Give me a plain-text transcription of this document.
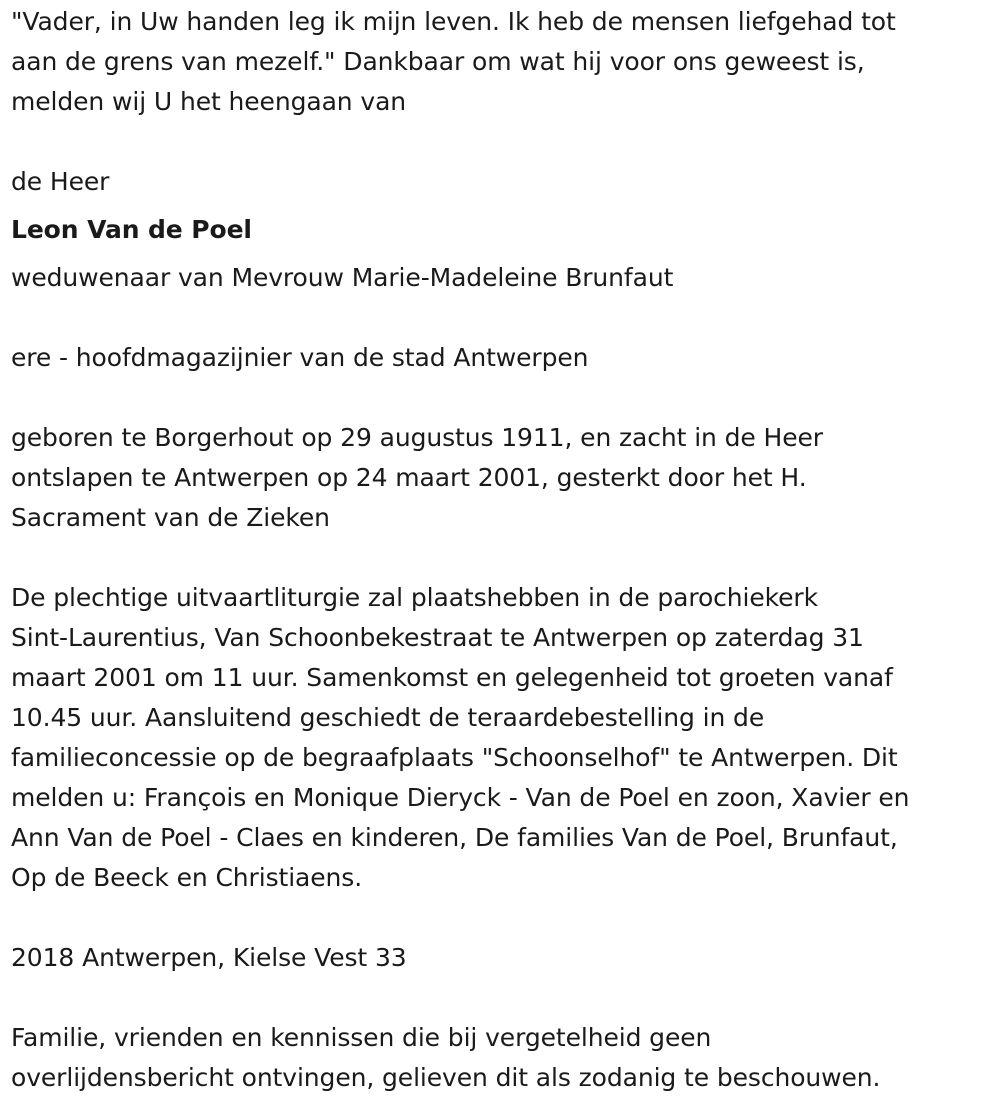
"Vader, in Uw handen leg ik mijn leven. Ik heb de mensen liefgehad tot
aan de grens van mezelf." Dankbaar om wat hij voor ons geweest is,
melden wij U het heengaan van

de Heer

Leon Van de Poel

weduwenaar van Mevrouw Marie-Madeleine Brunfaut

ere - hoofdmagazijnier van de stad Antwerpen

geboren te Borgerhout op 29 augustus 1911, en zacht in de Heer
ontslapen te Antwerpen op 24 maart 2001, gesterkt door het H.
Sacrament van de Zieken

De plechtige uitvaartliturgie zal plaatshebben in de parochiekerk
Sint-Laurentius, Van Schoonbekestraat te Antwerpen op zaterdag 31
maart 2001 om 11 uur. Samenkomst en gelegenheid tot groeten vanaf
10.45 uur. Aansluitend geschiedt de teraardebestelling in de
familieconcessie op de begraafplaats "Schoonselhof" te Antwerpen. Dit
melden u: François en Monique Dieryck - Van de Poel en zoon, Xavier en
Ann Van de Poel - Claes en kinderen, De families Van de Poel, Brunfaut,
Op de Beeck en Christiaens.

2018 Antwerpen, Kielse Vest 33

Familie, vrienden en kennissen die bij vergetelheid geen
overlijdensbericht ontvingen, gelieven dit als zodanig te beschouwen.
